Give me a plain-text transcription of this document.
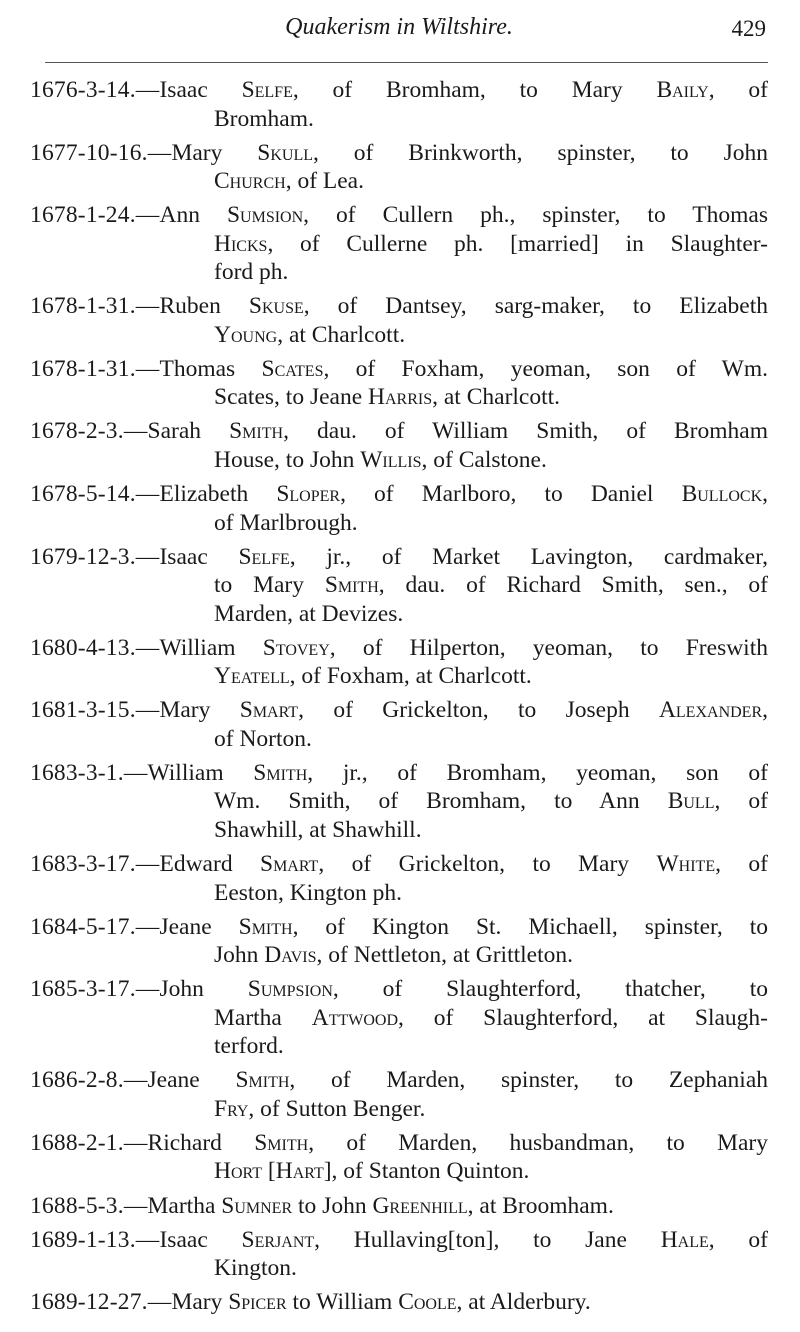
Quakerism in Wiltshire.	429
1676-3-14.—Isaac Selfe, of Bromham, to Mary Baily, of
Bromham.
1677-10-16.—Mary Skull, of Brinkworth, spinster, to John
Church, of Lea.
1678-1-24.—Ann Sumsion, of Cullern ph., spinster, to Thomas
Hicks, of Cullerne ph. [married] in Slaughter-
ford ph.
1678-1-31.—Ruben Skuse, of Dantsey, sarg-maker, to Elizabeth
Young, at Charlcott.
1678-1-31.—Thomas Scates, of Foxham, yeoman, son of Wm.
Scates, to Jeane Harris, at Charlcott.
1678-2-3.—Sarah Smith, dau. of William Smith, of Bromham
House, to John Willis, of Calstone.
1678-5-14.—Elizabeth Sloper, of Marlboro, to Daniel Bullock,
of Marlbrough.
1679-12-3.—Isaac Selfe, jr., of Market Lavington, cardmaker,
to Mary Smith, dau. of Richard Smith, sen., of
Marden, at Devizes.
1680-4-13.—William Stovey, of Hilperton, yeoman, to Freswith
Yeatell, of Foxham, at Charlcott.
1681-3-15.—Mary Smart, of Grickelton, to Joseph Alexander,
of Norton.
1683-3-1.—William Smith, jr., of Bromham, yeoman, son of
Wm. Smith, of Bromham, to Ann Bull, of
Shawhill, at Shawhill.
1683-3-17.—Edward Smart, of Grickelton, to Mary White, of
Eeston, Kington ph.
1684-5-17.—Jeane Smith, of Kington St. Michaell, spinster, to
John Davis, of Nettleton, at Grittleton.
1685-3-17.—John Sumpsion, of Slaughterford, thatcher, to
Martha Attwood, of Slaughterford, at Slaugh-
terford.
1686-2-8.—Jeane Smith, of Marden, spinster, to Zephaniah
Fry, of Sutton Benger.
1688-2-1.—Richard Smith, of Marden, husbandman, to Mary
Hort [Hart], of Stanton Quinton.
1688-5-3.—Martha Sumner to John Greenhill, at Broomham.
1689-1-13.—Isaac Serjant, Hullaving[ton], to Jane Hale, of
Kington.
1689-12-27.—Mary Spicer to William Coole, at Alderbury.
